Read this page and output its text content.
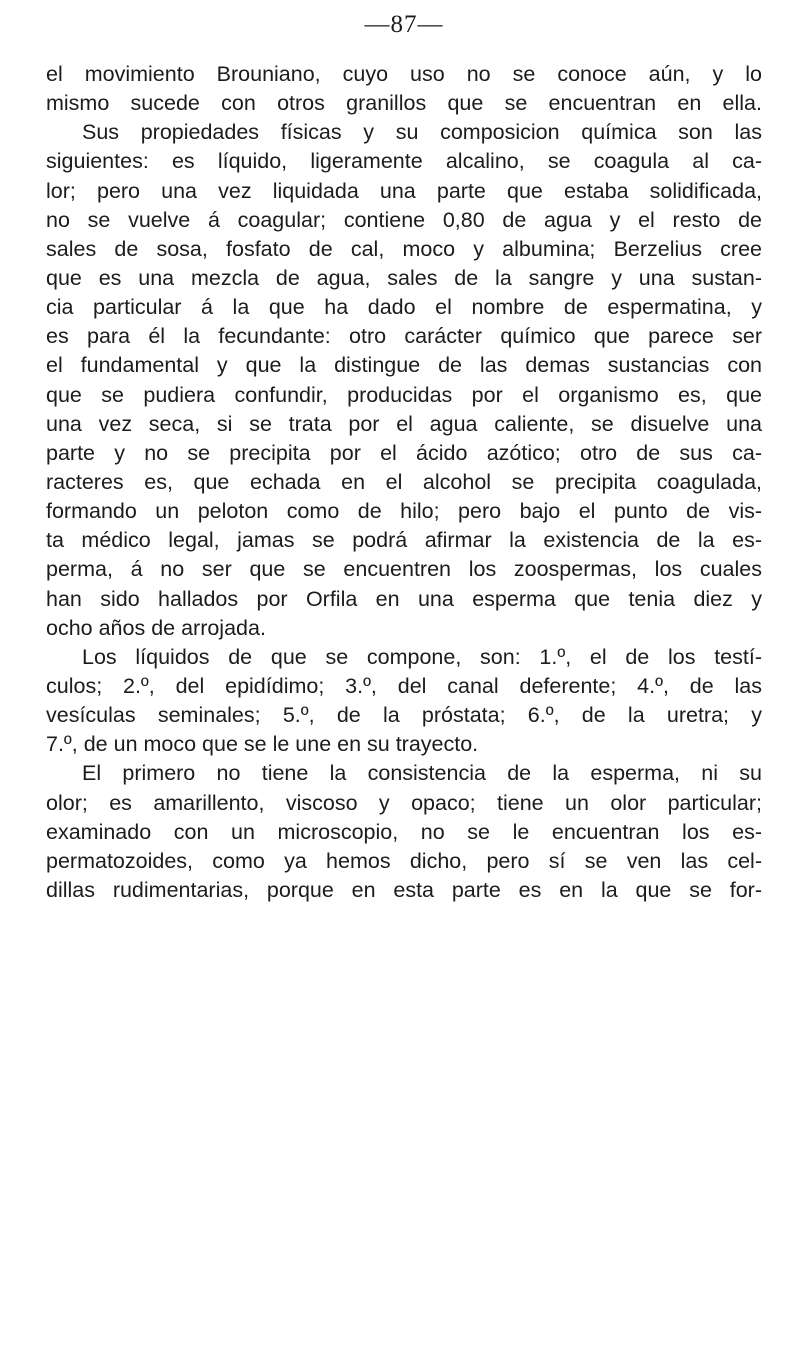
—87—
el movimiento Brouniano, cuyo uso no se conoce aún, y lo
mismo sucede con otros granillos que se encuentran en ella.
Sus propiedades físicas y su composicion química son las
siguientes: es líquido, ligeramente alcalino, se coagula al ca-
lor; pero una vez liquidada una parte que estaba solidificada,
no se vuelve á coagular; contiene 0,80 de agua y el resto de
sales de sosa, fosfato de cal, moco y albumina; Berzelius cree
que es una mezcla de agua, sales de la sangre y una sustan-
cia particular á la que ha dado el nombre de espermatina, y
es para él la fecundante: otro carácter químico que parece ser
el fundamental y que la distingue de las demas sustancias con
que se pudiera confundir, producidas por el organismo es, que
una vez seca, si se trata por el agua caliente, se disuelve una
parte y no se precipita por el ácido azótico; otro de sus ca-
racteres es, que echada en el alcohol se precipita coagulada,
formando un peloton como de hilo; pero bajo el punto de vis-
ta médico legal, jamas se podrá afirmar la existencia de la es-
perma, á no ser que se encuentren los zoospermas, los cuales
han sido hallados por Orfila en una esperma que tenia diez y
ocho años de arrojada.
Los líquidos de que se compone, son: 1.º, el de los testí-
culos; 2.º, del epidídimo; 3.º, del canal deferente; 4.º, de las
vesículas seminales; 5.º, de la próstata; 6.º, de la uretra; y
7.º, de un moco que se le une en su trayecto.
El primero no tiene la consistencia de la esperma, ni su
olor; es amarillento, viscoso y opaco; tiene un olor particular;
examinado con un microscopio, no se le encuentran los es-
permatozoides, como ya hemos dicho, pero sí se ven las cel-
dillas rudimentarias, porque en esta parte es en la que se for-
